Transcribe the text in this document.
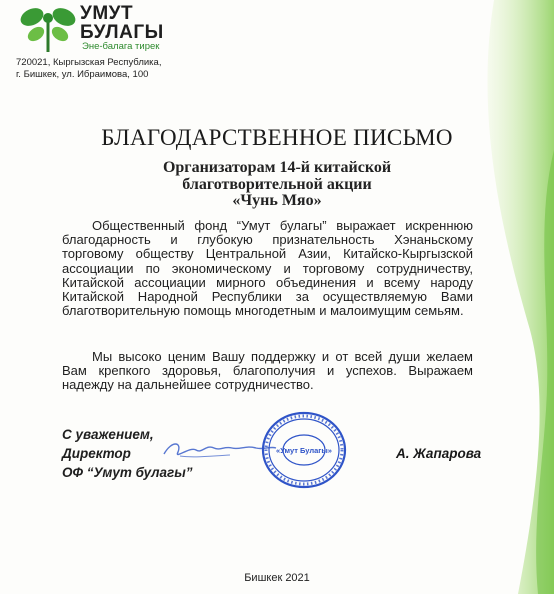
УМУТ
БУЛАГЫ
Эне-балага тирек
720021, Кыргызская Республика,
г. Бишкек, ул. Ибраимова, 100
БЛАГОДАРСТВЕННОЕ ПИСЬМО
Организаторам 14-й китайской
благотворительной акции
«Чунь Мяо»

Общественный фонд “Умут булагы” выражает искреннюю благодарность и глубокую признательность Хэнаньскому торговому обществу Центральной Азии, Китайско-Кыргызской ассоциации по экономическому и торговому сотрудничеству, Китайской ассоциации мирного объединения и всему народу Китайской Народной Республики за осуществляемую Вами благотворительную помощь многодетным и малоимущим семьям.

Мы высоко ценим Вашу поддержку и от всей души желаем Вам крепкого здоровья, благополучия и успехов. Выражаем надежду на дальнейшее сотрудничество.

С уважением,
Директор
ОФ “Умут булагы”
А. Жапарова
«Умут Булагы»
Бишкек 2021
